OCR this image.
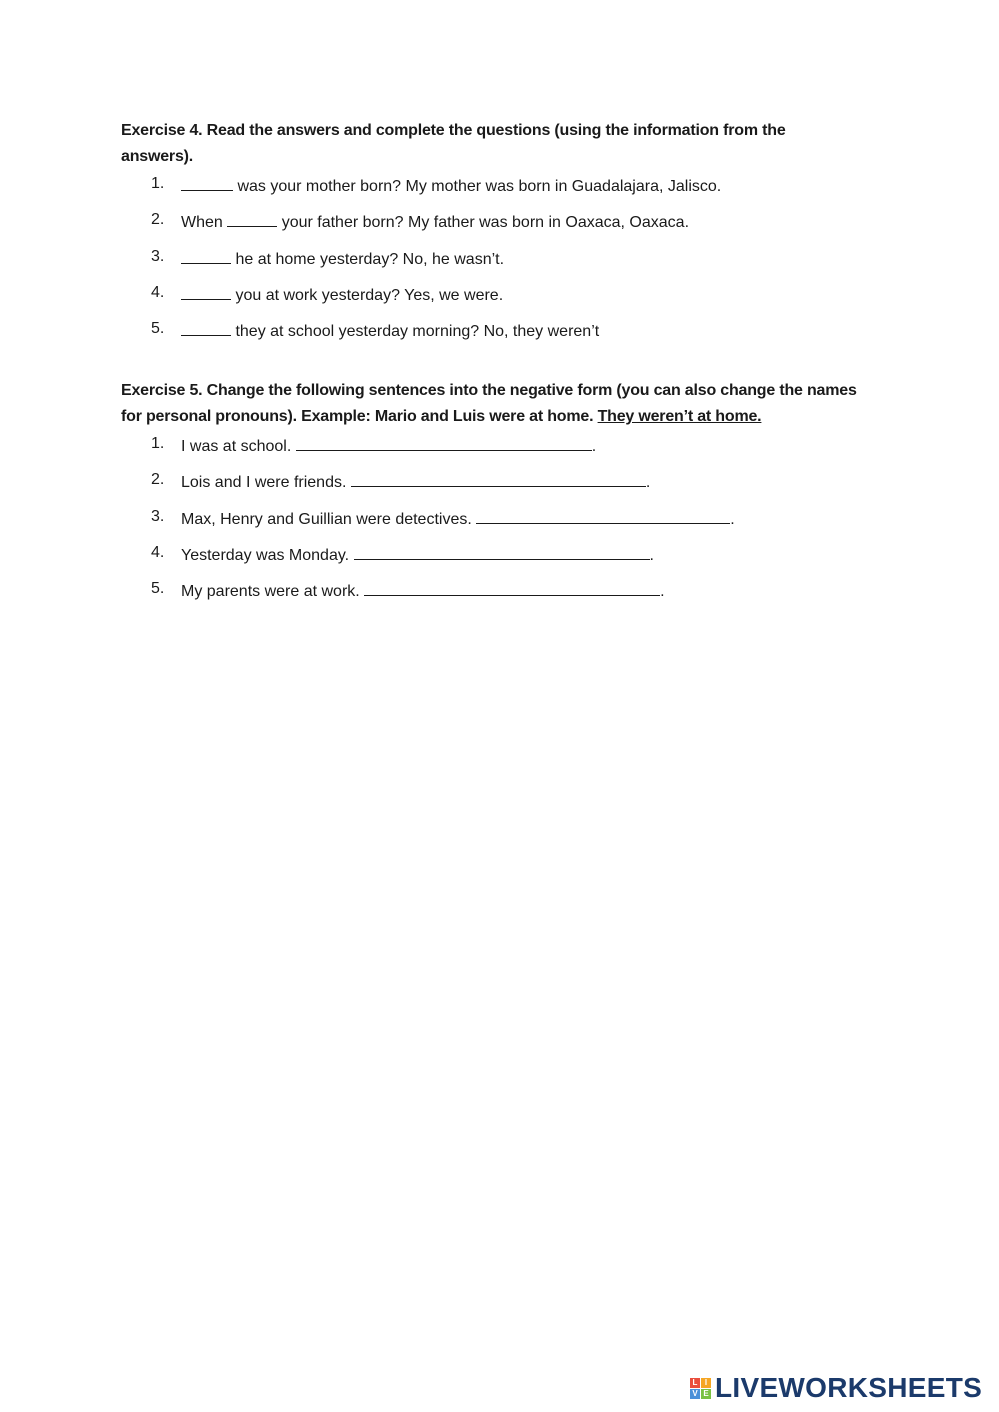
Exercise 4. Read the answers and complete the questions (using the information from the answers).

1.	was your mother born? My mother was born in Guadalajara, Jalisco.
2.	When	your father born? My father was born in Oaxaca, Oaxaca.
3.	he at home yesterday? No, he wasn’t.
4.	you at work yesterday? Yes, we were.
5.	they at school yesterday morning? No, they weren’t

Exercise 5. Change the following sentences into the negative form (you can also change the names for personal pronouns). Example: Mario and Luis were at home. They weren’t at home.

1.	I was at school.	.
2.	Lois and I were friends.	.
3.	Max, Henry and Guillian were detectives.	.
4.	Yesterday was Monday.	.
5.	My parents were at work.	.
L I
V E LIVEWORKSHEETS
